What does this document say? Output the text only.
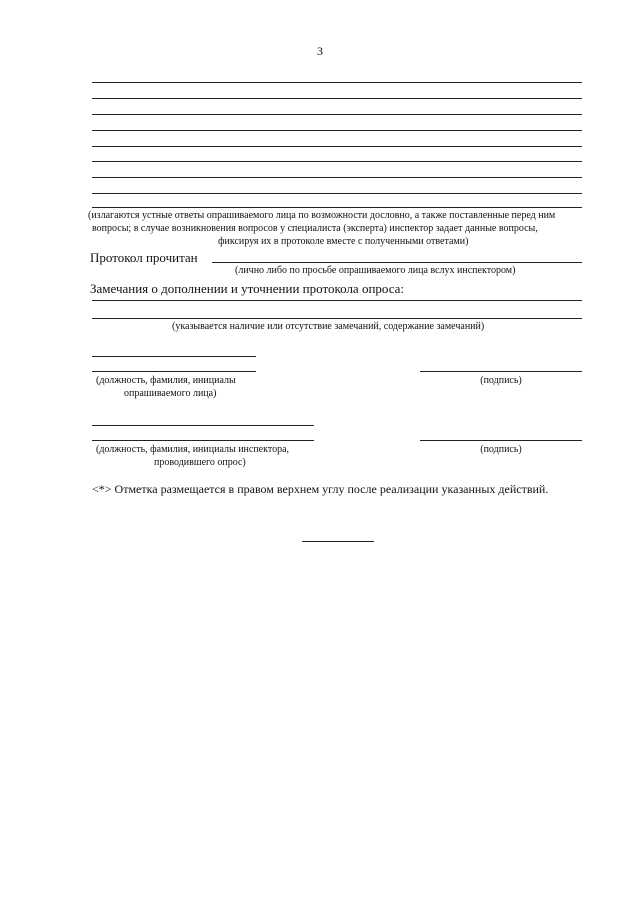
3
(излагаются устные ответы опрашиваемого лица по возможности дословно, а также поставленные перед ним
вопросы; в случае возникновения вопросов у специалиста (эксперта) инспектор задает данные вопросы,
фиксируя их в протоколе вместе с полученными ответами)
Протокол прочитан
(лично либо по просьбе опрашиваемого лица вслух инспектором)
Замечания о дополнении и уточнении протокола опроса:
(указывается наличие или отсутствие замечаний, содержание замечаний)
(должность, фамилия, инициалы
опрашиваемого лица)
(подпись)
(должность, фамилия, инициалы инспектора,
проводившего опрос)
(подпись)
<*> Отметка размещается в правом верхнем углу после реализации указанных действий.
